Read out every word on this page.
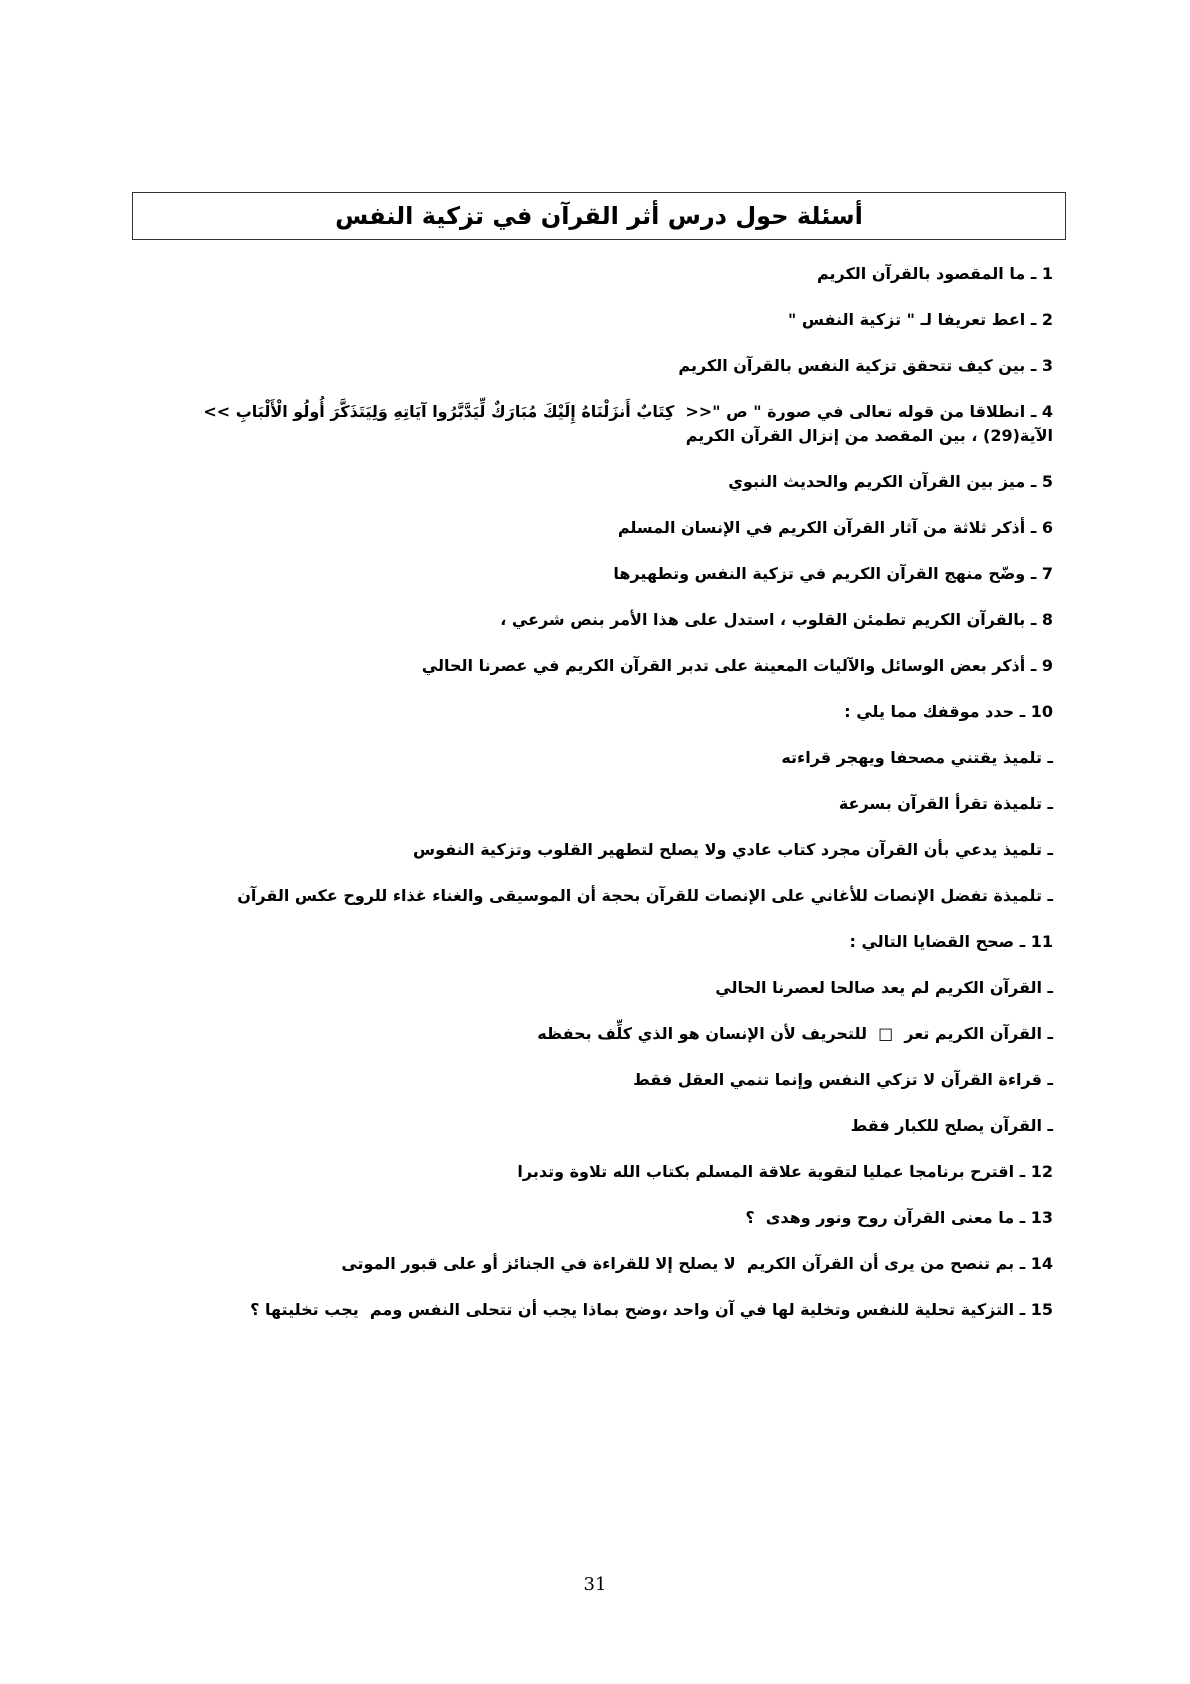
أسئلة حول درس أثر القرآن في تزكية النفس

1 ـ ما المقصود بالقرآن الكريم

2 ـ اعط تعريفا لـ " تزكية النفس "

3 ـ بين كيف تتحقق تزكية النفس بالقرآن الكريم

4 ـ انطلاقا من قوله تعالى في صورة " ص "<<  كِتَابٌ أَنزَلْنَاهُ إِلَيْكَ مُبَارَكٌ لِّيَدَّبَّرُوا آيَاتِهِ وَلِيَتَذَكَّرَ أُولُو الْأَلْبَابِ >> الآية(29) ، بين المقصد من إنزال القرآن الكريم

5 ـ ميز بين القرآن الكريم والحديث النبوي

6 ـ أذكر ثلاثة من آثار القرآن الكريم في الإنسان المسلم

7 ـ وضّح منهج القرآن الكريم في تزكية النفس وتطهيرها

8 ـ بالقرآن الكريم تطمئن القلوب ، استدل على هذا الأمر بنص شرعي ،

9 ـ أذكر بعض الوسائل والآليات المعينة على تدبر القرآن الكريم في عصرنا الحالي

10 ـ حدد موقفك مما يلي :

ـ تلميذ يقتني مصحفا ويهجر قراءته

ـ تلميذة تقرأ القرآن بسرعة

ـ تلميذ يدعي بأن القرآن مجرد كتاب عادي ولا يصلح لتطهير القلوب وتزكية النفوس

ـ تلميذة تفضل الإنصات للأغاني على الإنصات للقرآن بحجة أن الموسيقى والغناء غذاء للروح عكس القرآن

11 ـ صحح القضايا التالي :

ـ القرآن الكريم لم يعد صالحا لعصرنا الحالي

ـ القرآن الكريم تعر  □  للتحريف لأن الإنسان هو الذي كلِّف بحفظه

ـ قراءة القرآن لا تزكي النفس وإنما تنمي العقل فقط

ـ القرآن يصلح للكبار فقط

12 ـ اقترح برنامجا عمليا لتقوية علاقة المسلم بكتاب الله تلاوة وتدبرا

13 ـ ما معنى القرآن روح ونور وهدى  ؟

14 ـ بم تنصح من يرى أن القرآن الكريم  لا يصلح إلا للقراءة في الجنائز أو على قبور الموتى

15 ـ التزكية تحلية للنفس وتخلية لها في آن واحد ،وضح بماذا يجب أن تتحلى النفس ومم  يجب تخليتها ؟

31
